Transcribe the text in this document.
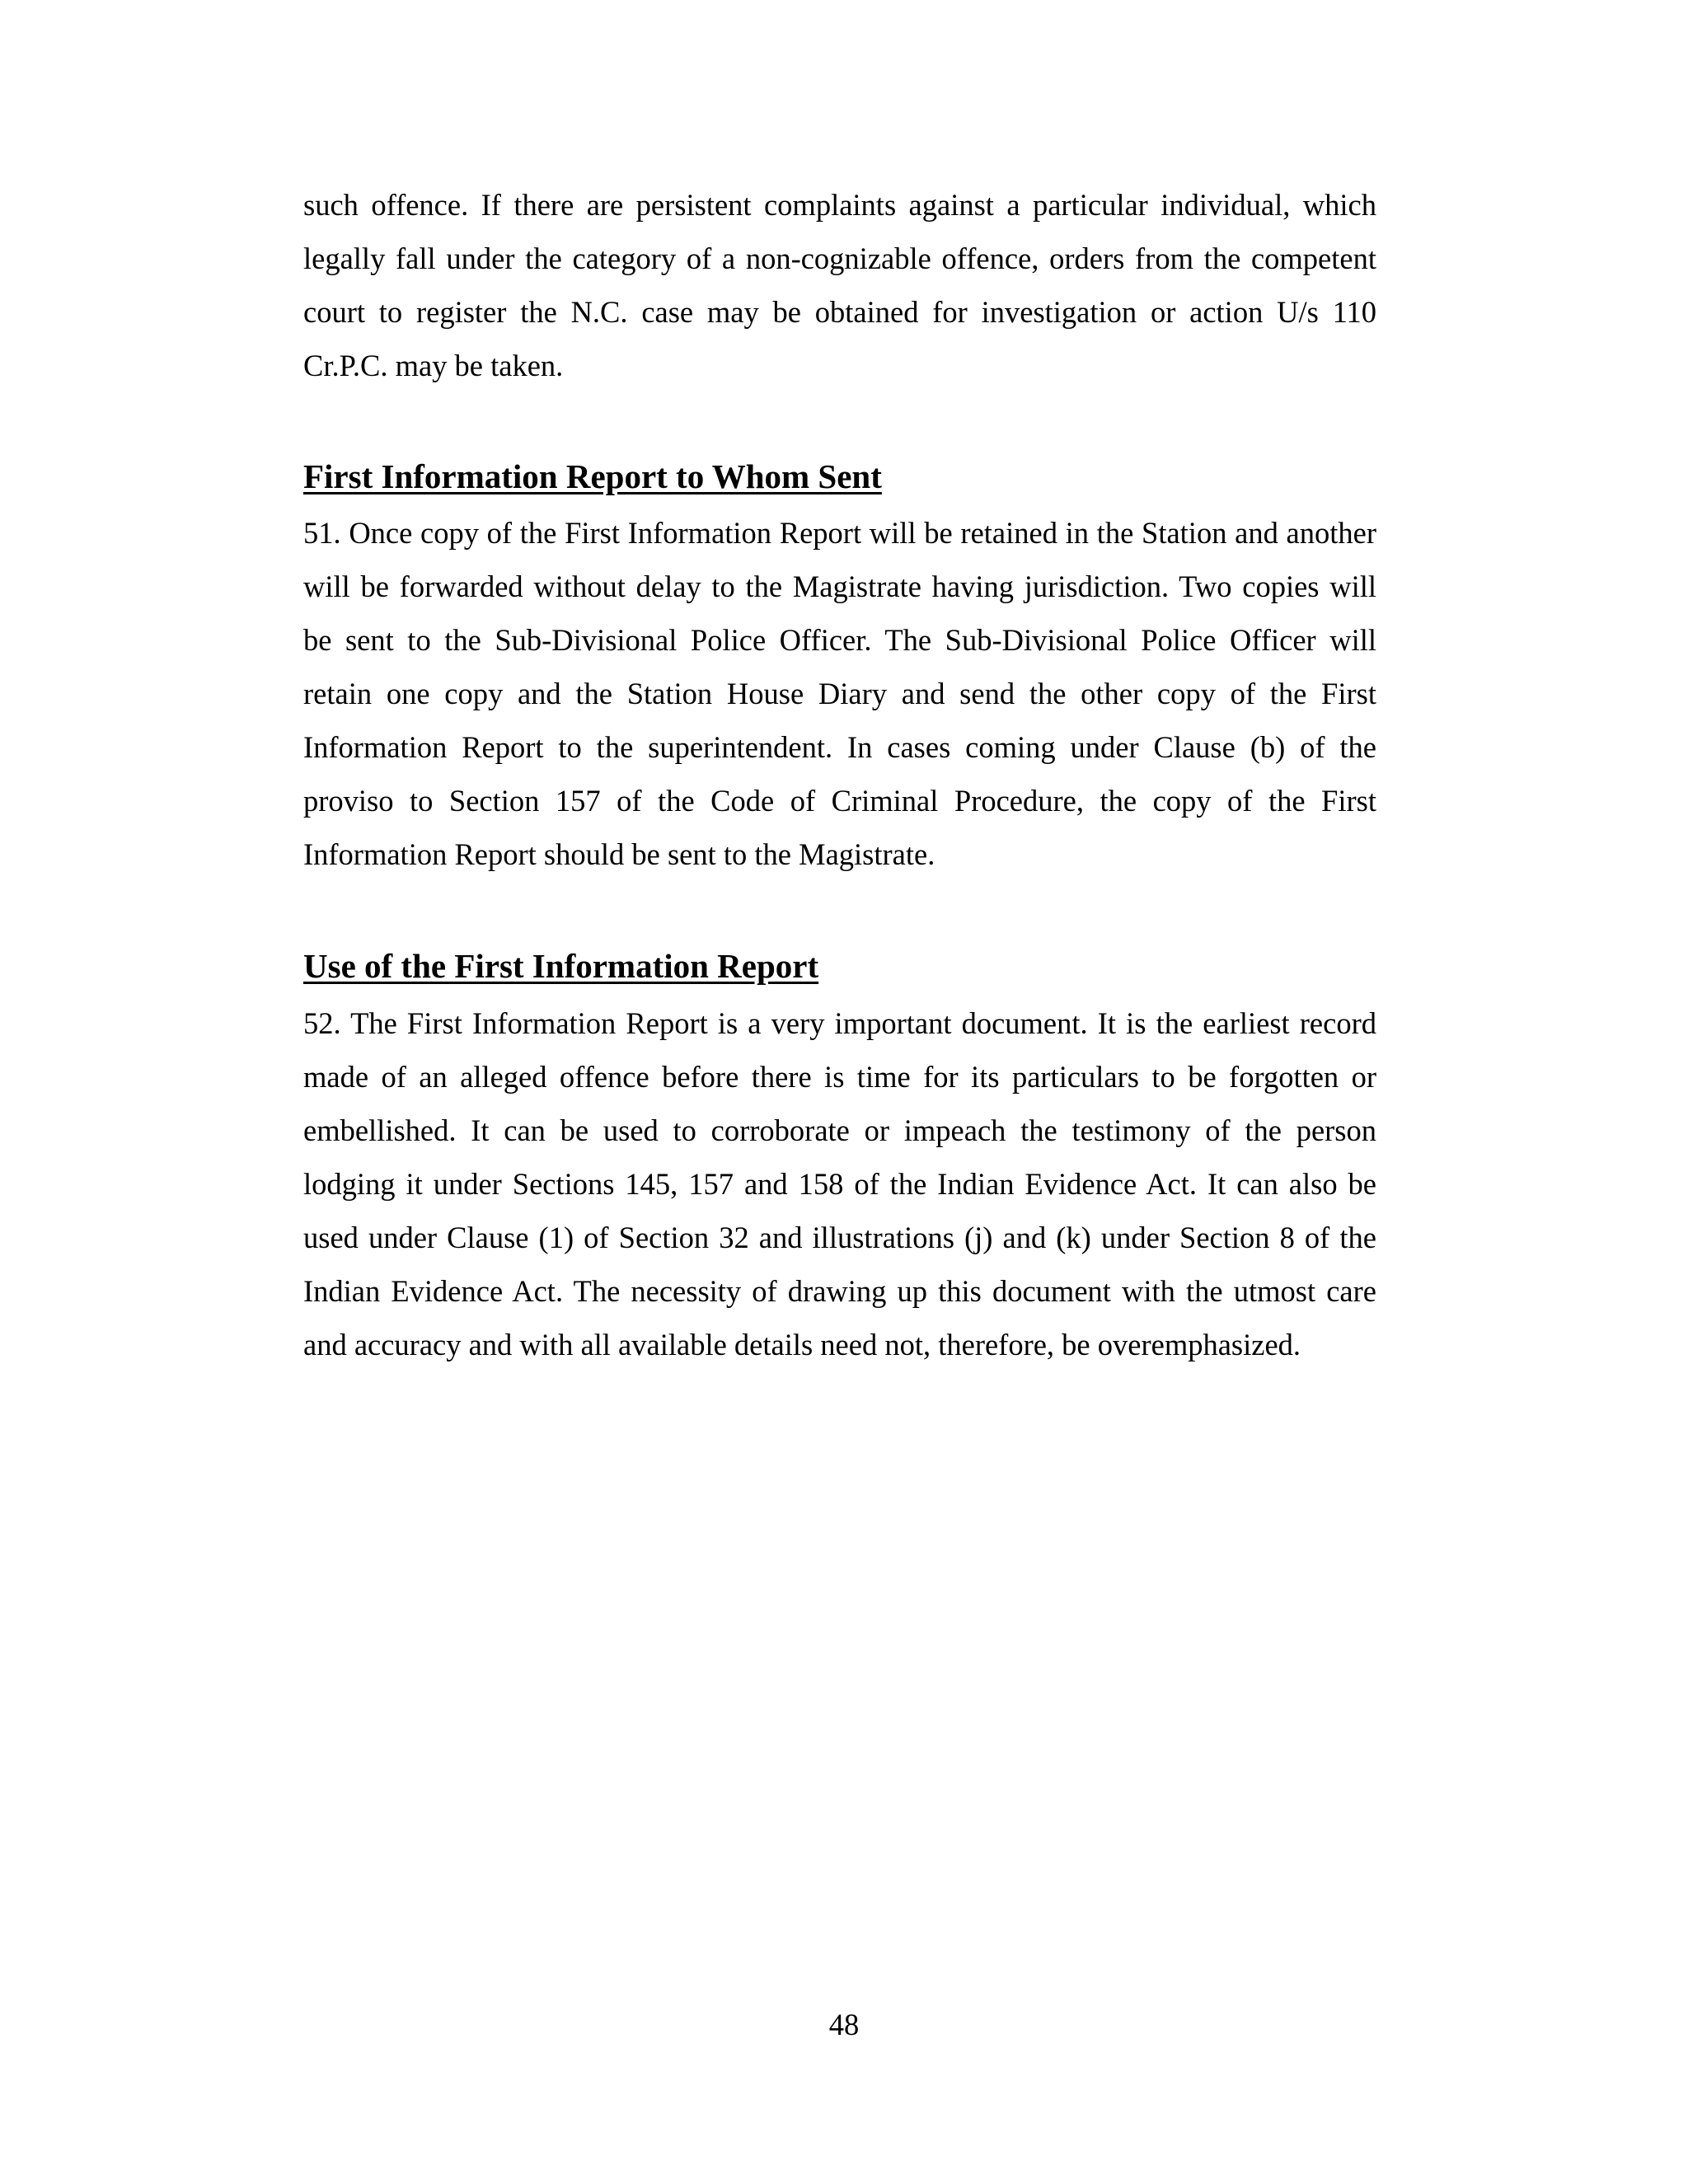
such offence. If there are persistent complaints against a particular individual, which legally fall under the category of a non-cognizable offence, orders from the competent court to register the N.C. case may be obtained for investigation or action U/s 110 Cr.P.C. may be taken.

First Information Report to Whom Sent

51. Once copy of the First Information Report will be retained in the Station and another will be forwarded without delay to the Magistrate having jurisdiction. Two copies will be sent to the Sub-Divisional Police Officer. The Sub-Divisional Police Officer will retain one copy and the Station House Diary and send the other copy of the First Information Report to the superintendent. In cases coming under Clause (b) of the proviso to Section 157 of the Code of Criminal Procedure, the copy of the First Information Report should be sent to the Magistrate.

Use of the First Information Report

52. The First Information Report is a very important document. It is the earliest record made of an alleged offence before there is time for its particulars to be forgotten or embellished. It can be used to corroborate or impeach the testimony of the person lodging it under Sections 145, 157 and 158 of the Indian Evidence Act. It can also be used under Clause (1) of Section 32 and illustrations (j) and (k) under Section 8 of the Indian Evidence Act. The necessity of drawing up this document with the utmost care and accuracy and with all available details need not, therefore, be overemphasized.

48
